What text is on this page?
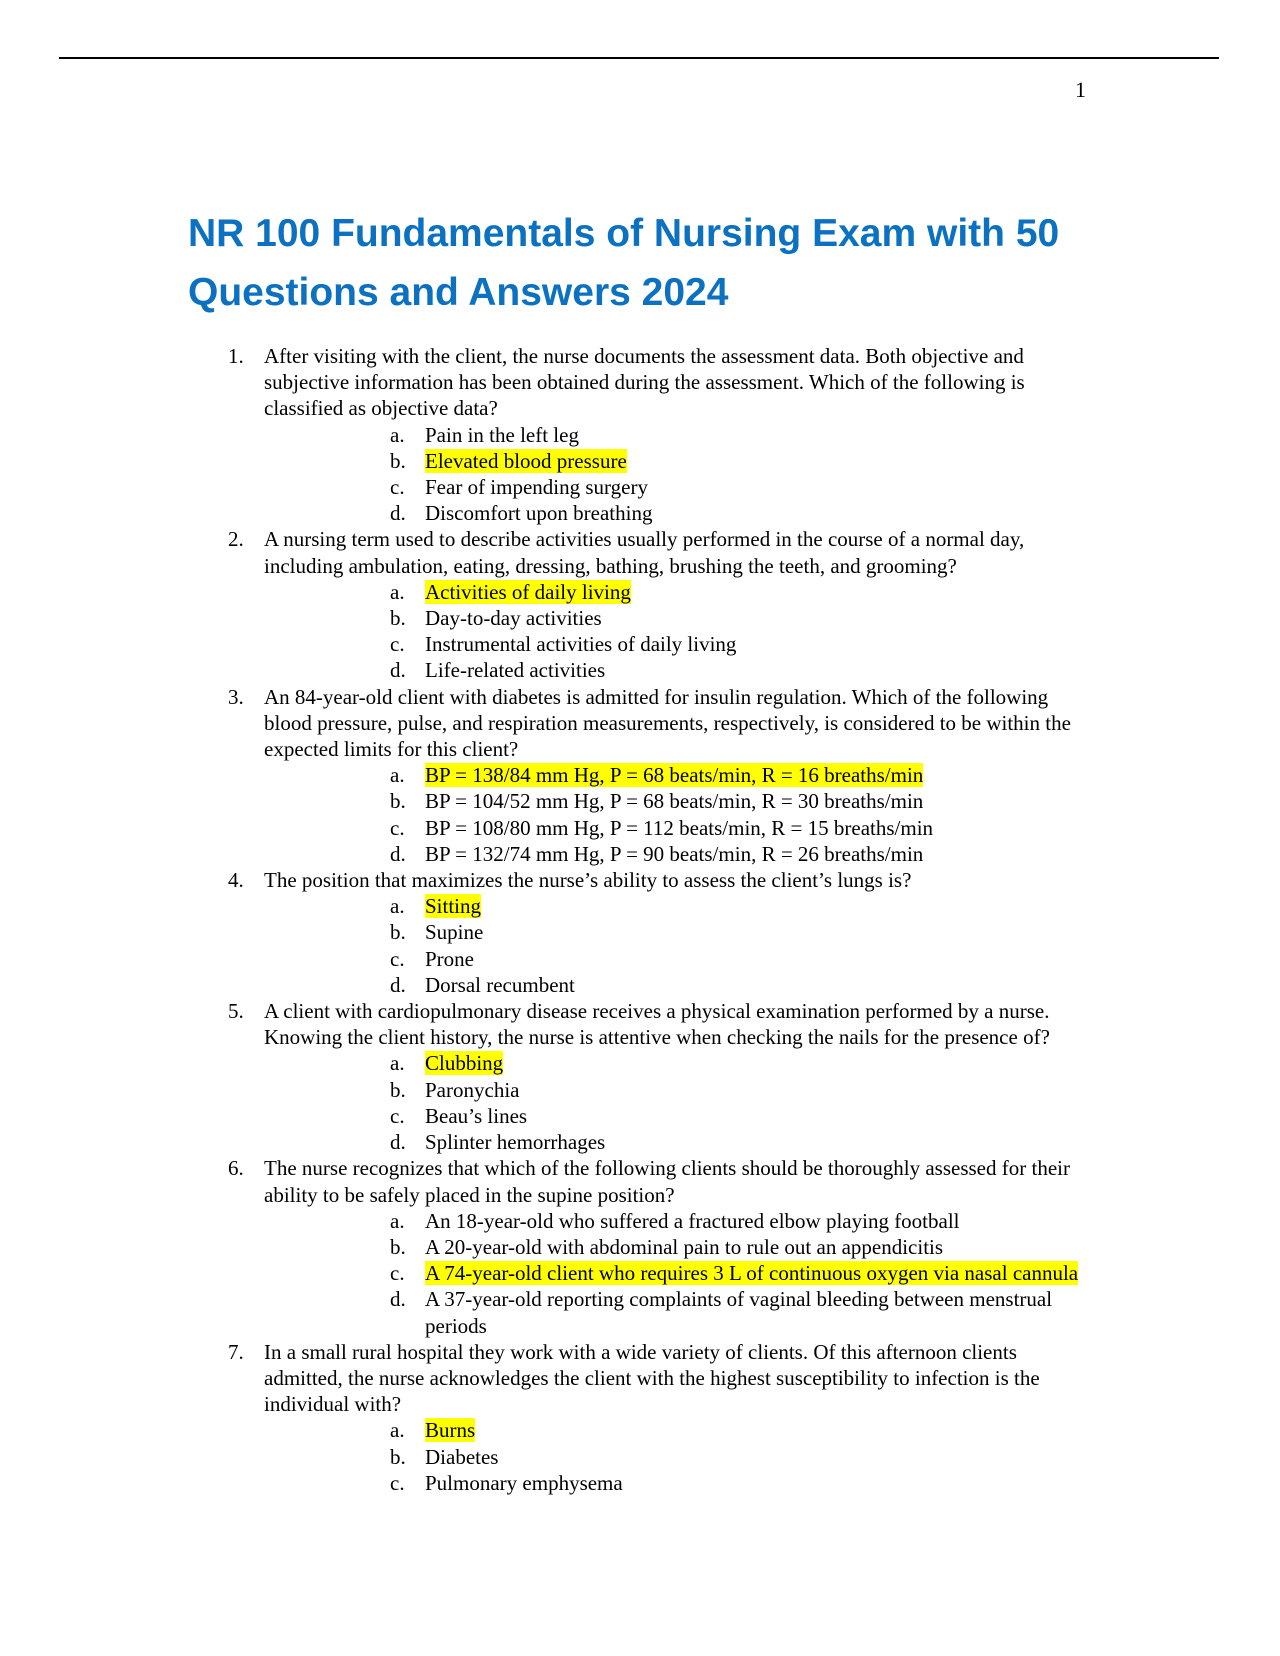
1
NR 100 Fundamentals of Nursing Exam with 50 Questions and Answers 2024
1. After visiting with the client, the nurse documents the assessment data. Both objective and subjective information has been obtained during the assessment. Which of the following is classified as objective data?
a. Pain in the left leg
b. Elevated blood pressure
c. Fear of impending surgery
d. Discomfort upon breathing
2. A nursing term used to describe activities usually performed in the course of a normal day, including ambulation, eating, dressing, bathing, brushing the teeth, and grooming?
a. Activities of daily living
b. Day-to-day activities
c. Instrumental activities of daily living
d. Life-related activities
3. An 84-year-old client with diabetes is admitted for insulin regulation. Which of the following blood pressure, pulse, and respiration measurements, respectively, is considered to be within the expected limits for this client?
a. BP = 138/84 mm Hg, P = 68 beats/min, R = 16 breaths/min
b. BP = 104/52 mm Hg, P = 68 beats/min, R = 30 breaths/min
c. BP = 108/80 mm Hg, P = 112 beats/min, R = 15 breaths/min
d. BP = 132/74 mm Hg, P = 90 beats/min, R = 26 breaths/min
4. The position that maximizes the nurse’s ability to assess the client’s lungs is?
a. Sitting
b. Supine
c. Prone
d. Dorsal recumbent
5. A client with cardiopulmonary disease receives a physical examination performed by a nurse. Knowing the client history, the nurse is attentive when checking the nails for the presence of?
a. Clubbing
b. Paronychia
c. Beau’s lines
d. Splinter hemorrhages
6. The nurse recognizes that which of the following clients should be thoroughly assessed for their ability to be safely placed in the supine position?
a. An 18-year-old who suffered a fractured elbow playing football
b. A 20-year-old with abdominal pain to rule out an appendicitis
c. A 74-year-old client who requires 3 L of continuous oxygen via nasal cannula
d. A 37-year-old reporting complaints of vaginal bleeding between menstrual periods
7. In a small rural hospital they work with a wide variety of clients. Of this afternoon clients admitted, the nurse acknowledges the client with the highest susceptibility to infection is the individual with?
a. Burns
b. Diabetes
c. Pulmonary emphysema
